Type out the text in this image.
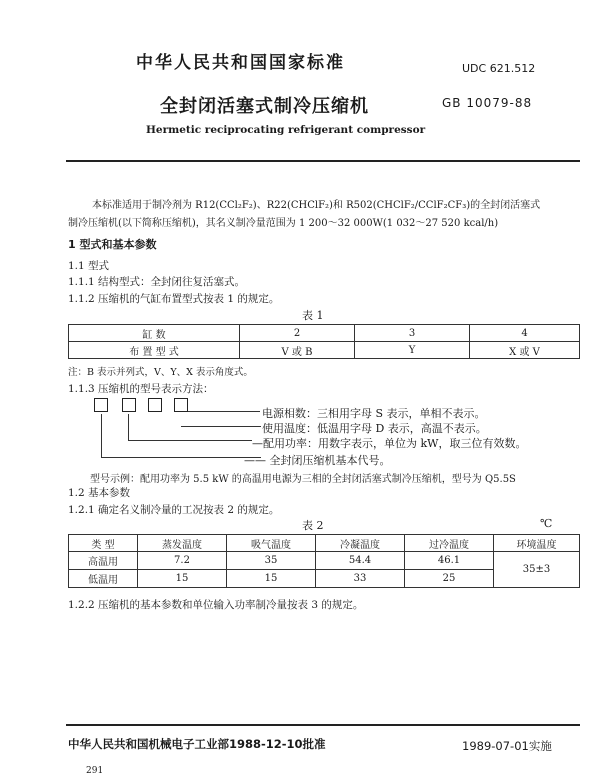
中华人民共和国国家标准	UDC 621.512
全封闭活塞式制冷压缩机	GB 10079-88
Hermetic reciprocating refrigerant compressor
本标准适用于制冷剂为 R12(CCl₂F₂)、R22(CHClF₂)和 R502(CHClF₂/CClF₂CF₃)的全封闭活塞式
制冷压缩机(以下简称压缩机)，其名义制冷量范围为 1 200～32 000W(1 032～27 520 kcal/h)
1 型式和基本参数
1.1 型式
1.1.1 结构型式：全封闭往复活塞式。
1.1.2 压缩机的气缸布置型式按表 1 的规定。
表 1
缸 数	2	3	4
布 置 型 式	V 或 B	Y	X 或 V
注：B 表示并列式，V、Y、X 表示角度式。
1.1.3 压缩机的型号表示方法：
电源相数：三相用字母 S 表示，单相不表示。
使用温度：低温用字母 D 表示，高温不表示。
—配用功率：用数字表示，单位为 kW，取三位有效数。
—— 全封闭压缩机基本代号。
型号示例：配用功率为 5.5 kW 的高温用电源为三相的全封闭活塞式制冷压缩机，型号为 Q5.5S
1.2 基本参数
1.2.1 确定名义制冷量的工况按表 2 的规定。
表 2	℃
类 型	蒸发温度	吸气温度	冷凝温度	过冷温度	环境温度
高温用	7.2	35	54.4	46.1	35±3
低温用	15	15	33	25	
1.2.2 压缩机的基本参数和单位输入功率制冷量按表 3 的规定。
中华人民共和国机械电子工业部1988-12-10批准	1989-07-01实施
291
